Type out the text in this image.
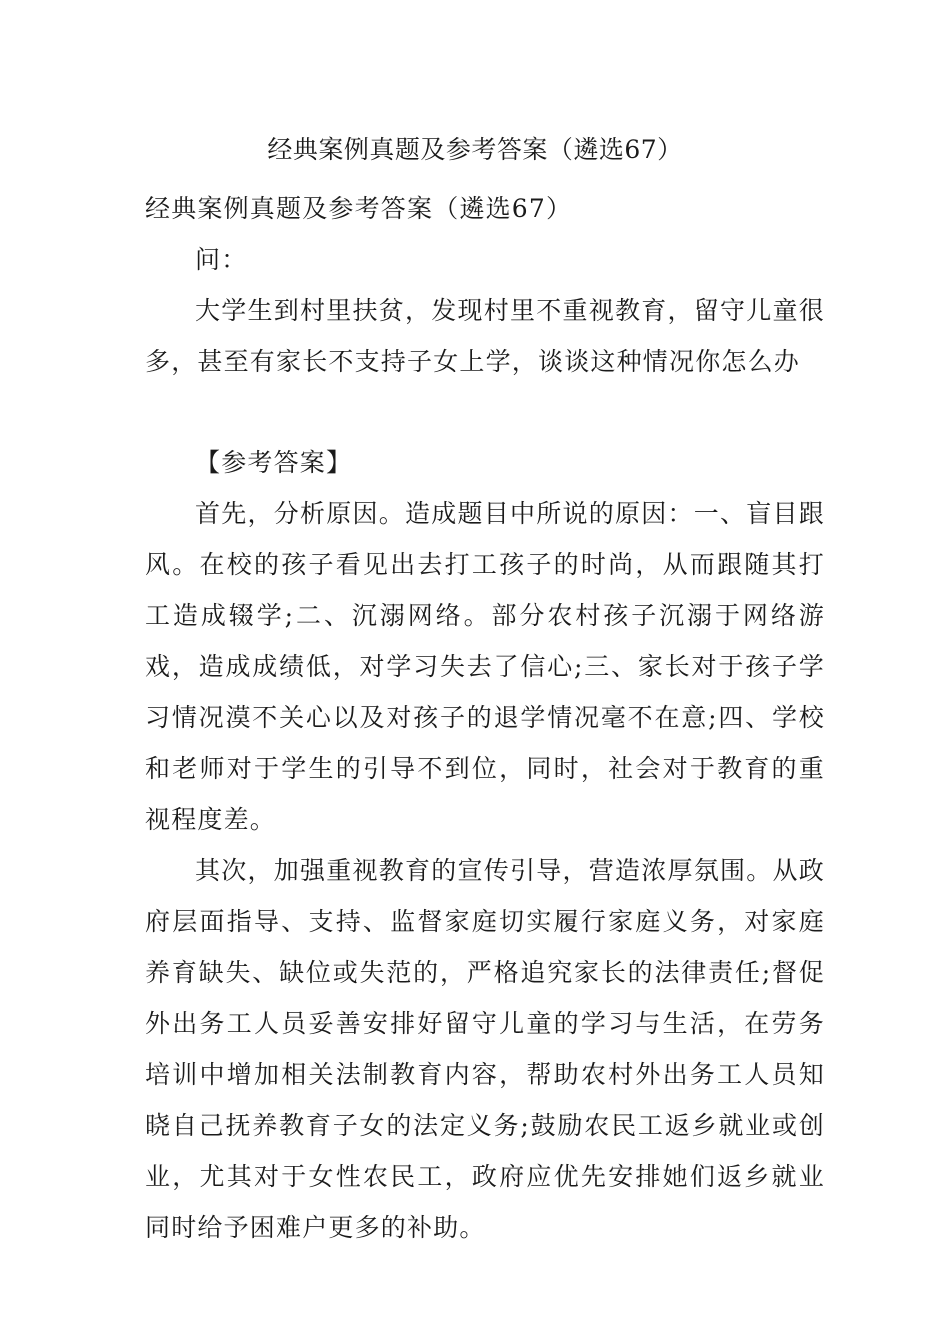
经典案例真题及参考答案（遴选67）

经典案例真题及参考答案（遴选67）

问：

大学生到村里扶贫，发现村里不重视教育，留守儿童很多，甚至有家长不支持子女上学，谈谈这种情况你怎么办

【参考答案】

首先，分析原因。造成题目中所说的原因：一、盲目跟风。在校的孩子看见出去打工孩子的时尚，从而跟随其打工造成辍学;二、沉溺网络。部分农村孩子沉溺于网络游戏，造成成绩低，对学习失去了信心;三、家长对于孩子学习情况漠不关心以及对孩子的退学情况毫不在意;四、学校和老师对于学生的引导不到位，同时，社会对于教育的重视程度差。

其次，加强重视教育的宣传引导，营造浓厚氛围。从政府层面指导、支持、监督家庭切实履行家庭义务，对家庭养育缺失、缺位或失范的，严格追究家长的法律责任;督促外出务工人员妥善安排好留守儿童的学习与生活，在劳务培训中增加相关法制教育内容，帮助农村外出务工人员知晓自己抚养教育子女的法定义务;鼓励农民工返乡就业或创业，尤其对于女性农民工，政府应优先安排她们返乡就业同时给予困难户更多的补助。
